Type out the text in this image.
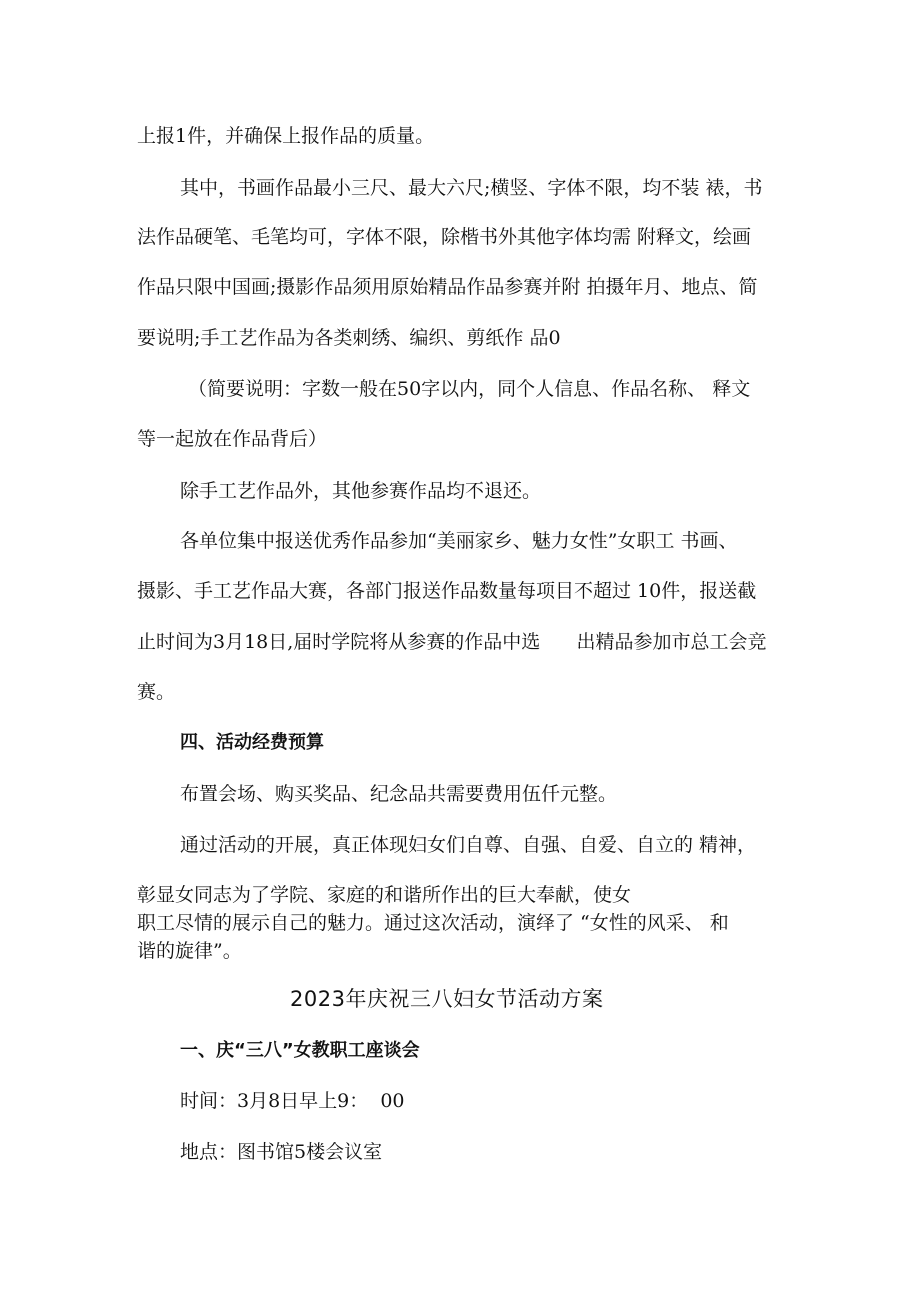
上报1件，并确保上报作品的质量。

其中，书画作品最小三尺、最大六尺;横竖、字体不限，均不装 裱，书

法作品硬笔、毛笔均可，字体不限，除楷书外其他字体均需 附释文，绘画

作品只限中国画;摄影作品须用原始精品作品参赛并附 拍摄年月、地点、简

要说明;手工艺作品为各类刺绣、编织、剪纸作 品0

（简要说明：字数一般在50字以内，同个人信息、作品名称、 释文

等一起放在作品背后）

除手工艺作品外，其他参赛作品均不退还。

各单位集中报送优秀作品参加“美丽家乡、魅力女性”女职工 书画、

摄影、手工艺作品大赛，各部门报送作品数量每项目不超过 10件，报送截

止时间为3月18日,届时学院将从参赛的作品中选      出精品参加市总工会竞

赛。

四、活动经费预算

布置会场、购买奖品、纪念品共需要费用伍仟元整。

通过活动的开展，真正体现妇女们自尊、自强、自爱、自立的 精神，

彰显女同志为了学院、家庭的和谐所作出的巨大奉献，使女

职工尽情的展示自己的魅力。通过这次活动，演绎了 “女性的风采、 和

谐的旋律”。

2023年庆祝三八妇女节活动方案

一、庆“三八”女教职工座谈会

时间：3月8日早上9：  00

地点：图书馆5楼会议室
